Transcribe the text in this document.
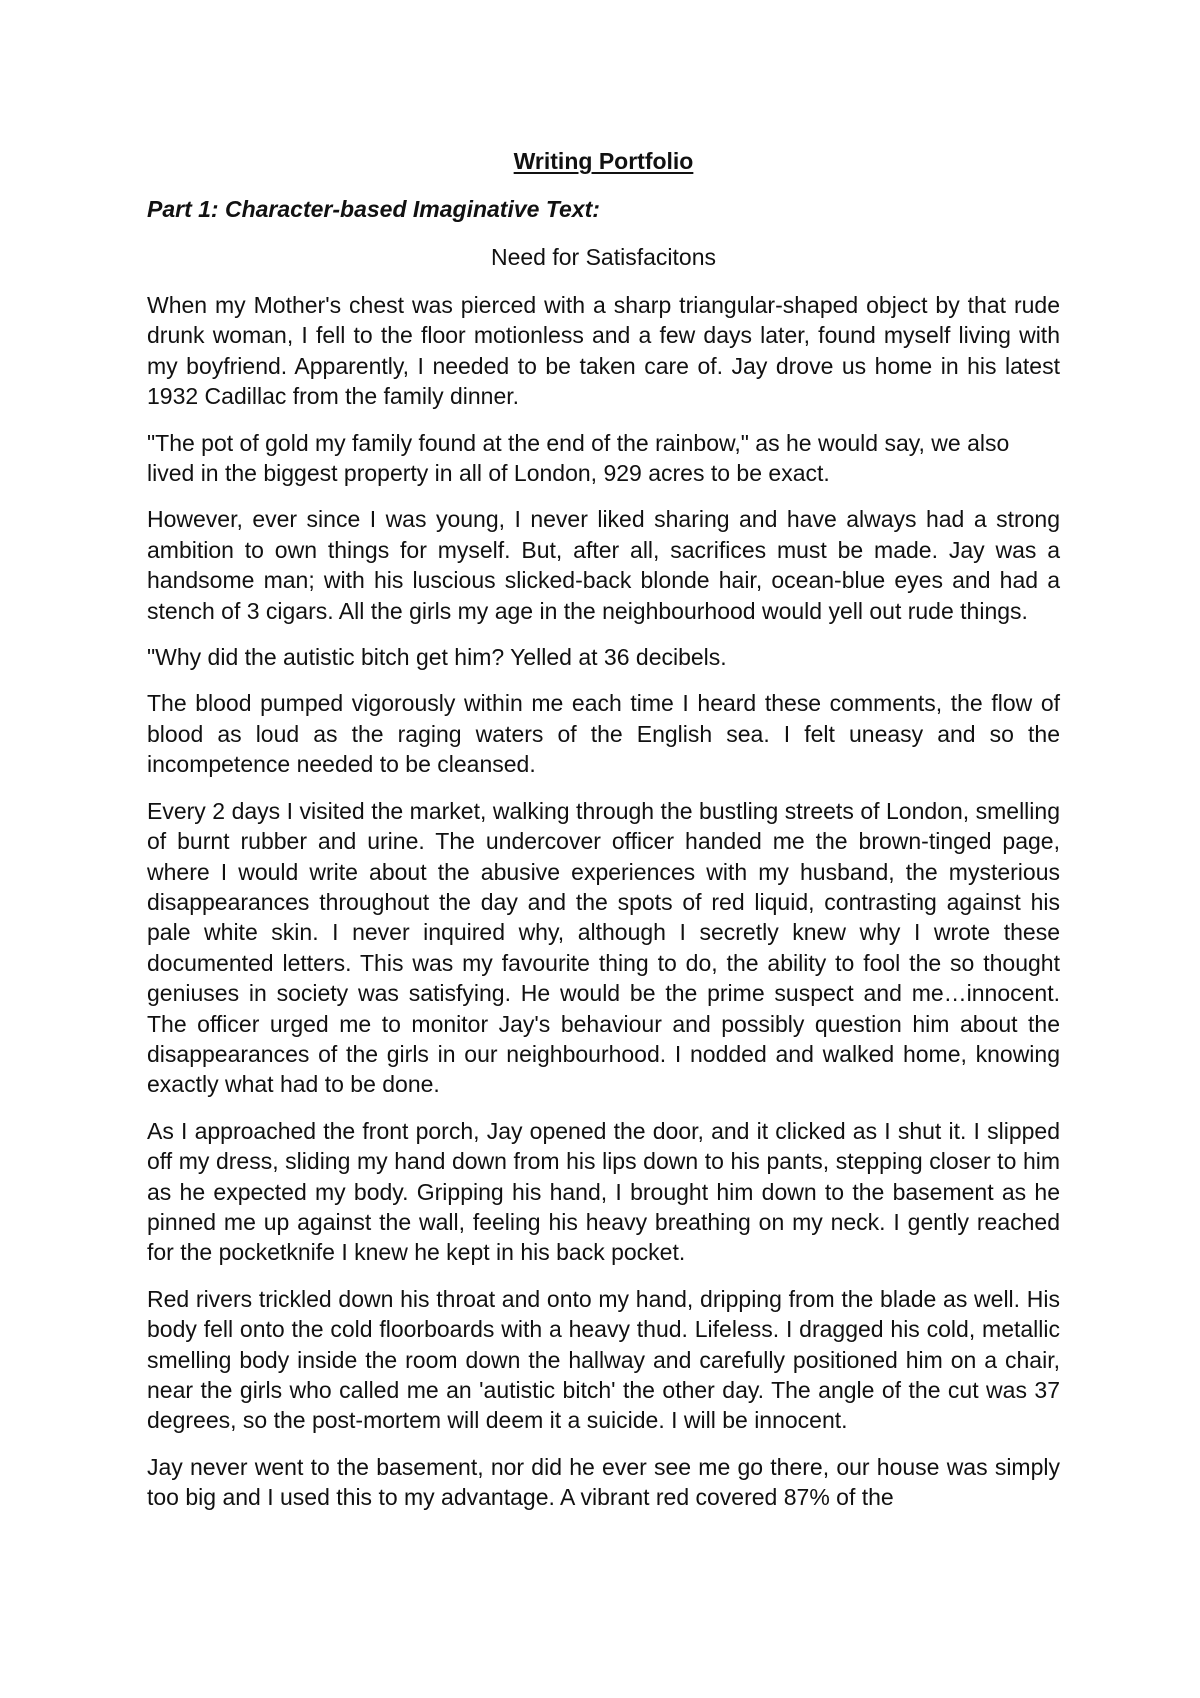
Writing Portfolio
Part 1: Character-based Imaginative Text:
Need for Satisfacitons

When my Mother's chest was pierced with a sharp triangular-shaped object by that rude drunk woman, I fell to the floor motionless and a few days later, found myself living with my boyfriend. Apparently, I needed to be taken care of. Jay drove us home in his latest 1932 Cadillac from the family dinner.

"The pot of gold my family found at the end of the rainbow," as he would say, we also lived in the biggest property in all of London, 929 acres to be exact.

However, ever since I was young, I never liked sharing and have always had a strong ambition to own things for myself. But, after all, sacrifices must be made. Jay was a handsome man; with his luscious slicked-back blonde hair, ocean-blue eyes and had a stench of 3 cigars. All the girls my age in the neighbourhood would yell out rude things.

"Why did the autistic bitch get him? Yelled at 36 decibels.

The blood pumped vigorously within me each time I heard these comments, the flow of blood as loud as the raging waters of the English sea. I felt uneasy and so the incompetence needed to be cleansed.

Every 2 days I visited the market, walking through the bustling streets of London, smelling of burnt rubber and urine. The undercover officer handed me the brown-tinged page, where I would write about the abusive experiences with my husband, the mysterious disappearances throughout the day and the spots of red liquid, contrasting against his pale white skin. I never inquired why, although I secretly knew why I wrote these documented letters. This was my favourite thing to do, the ability to fool the so thought geniuses in society was satisfying. He would be the prime suspect and me…innocent. The officer urged me to monitor Jay's behaviour and possibly question him about the disappearances of the girls in our neighbourhood. I nodded and walked home, knowing exactly what had to be done.

As I approached the front porch, Jay opened the door, and it clicked as I shut it. I slipped off my dress, sliding my hand down from his lips down to his pants, stepping closer to him as he expected my body. Gripping his hand, I brought him down to the basement as he pinned me up against the wall, feeling his heavy breathing on my neck. I gently reached for the pocketknife I knew he kept in his back pocket.

Red rivers trickled down his throat and onto my hand, dripping from the blade as well. His body fell onto the cold floorboards with a heavy thud. Lifeless. I dragged his cold, metallic smelling body inside the room down the hallway and carefully positioned him on a chair, near the girls who called me an 'autistic bitch' the other day. The angle of the cut was 37 degrees, so the post-mortem will deem it a suicide. I will be innocent.

Jay never went to the basement, nor did he ever see me go there, our house was simply too big and I used this to my advantage. A vibrant red covered 87% of the
